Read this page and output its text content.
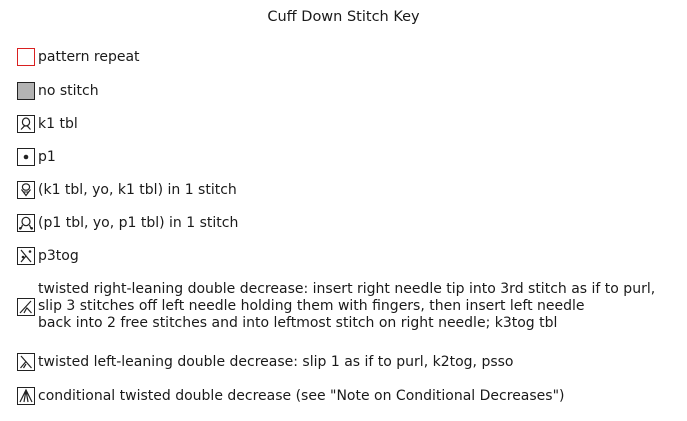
Cuff Down Stitch Key
pattern repeat
no stitch
k1 tbl
p1
(k1 tbl, yo, k1 tbl) in 1 stitch
(p1 tbl, yo, p1 tbl) in 1 stitch
p3tog
twisted right-leaning double decrease: insert right needle tip into 3rd stitch as if to purl,
slip 3 stitches off left needle holding them with fingers, then insert left needle
back into 2 free stitches and into leftmost stitch on right needle; k3tog tbl
twisted left-leaning double decrease: slip 1 as if to purl, k2tog, psso
conditional twisted double decrease (see "Note on Conditional Decreases")
